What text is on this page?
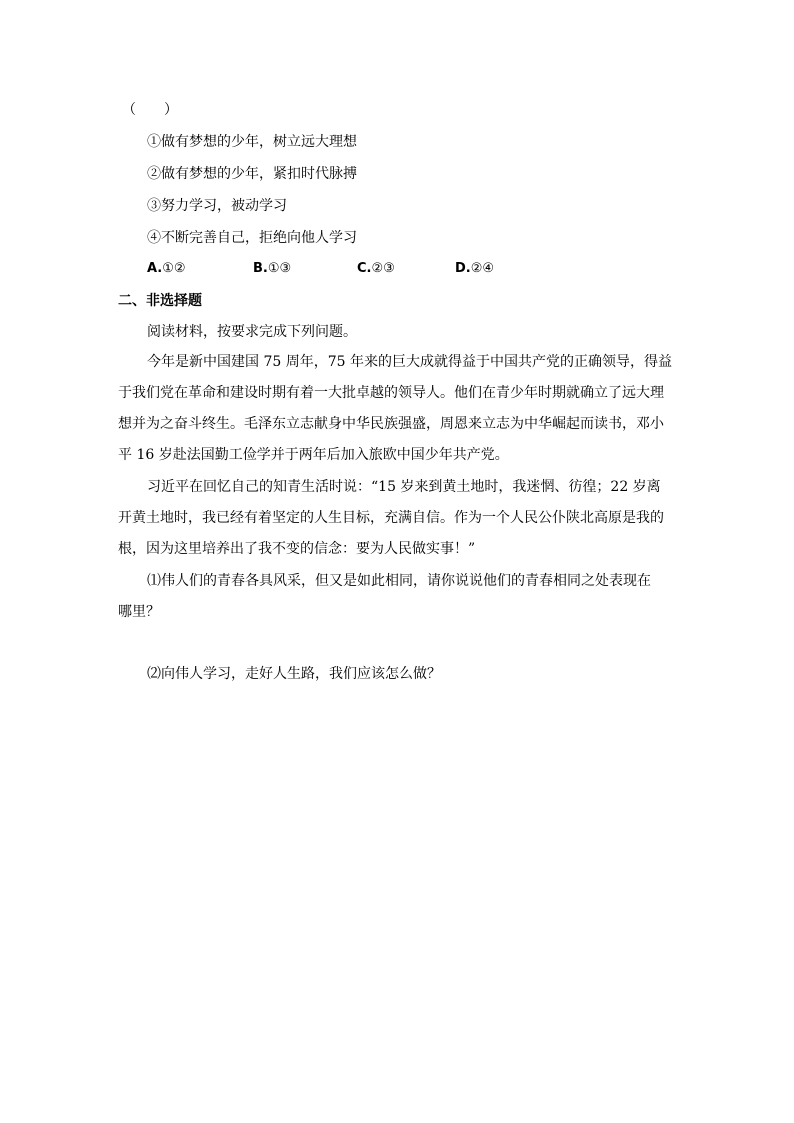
（　　）
①做有梦想的少年，树立远大理想
②做有梦想的少年，紧扣时代脉搏
③努力学习，被动学习
④不断完善自己，拒绝向他人学习
A.①②	B.①③	C.②③	D.②④
二、非选择题
阅读材料，按要求完成下列问题。
今年是新中国建国 75 周年，75 年来的巨大成就得益于中国共产党的正确领导，得益
于我们党在革命和建设时期有着一大批卓越的领导人。他们在青少年时期就确立了远大理
想并为之奋斗终生。毛泽东立志献身中华民族强盛，周恩来立志为中华崛起而读书，邓小
平 16 岁赴法国勤工俭学并于两年后加入旅欧中国少年共产党。
习近平在回忆自己的知青生活时说：“15 岁来到黄土地时，我迷惘、彷徨；22 岁离
开黄土地时，我已经有着坚定的人生目标，充满自信。作为一个人民公仆陕北高原是我的
根，因为这里培养出了我不变的信念：要为人民做实事！”
⑴伟人们的青春各具风采，但又是如此相同，请你说说他们的青春相同之处表现在
哪里？
⑵向伟人学习，走好人生路，我们应该怎么做？
